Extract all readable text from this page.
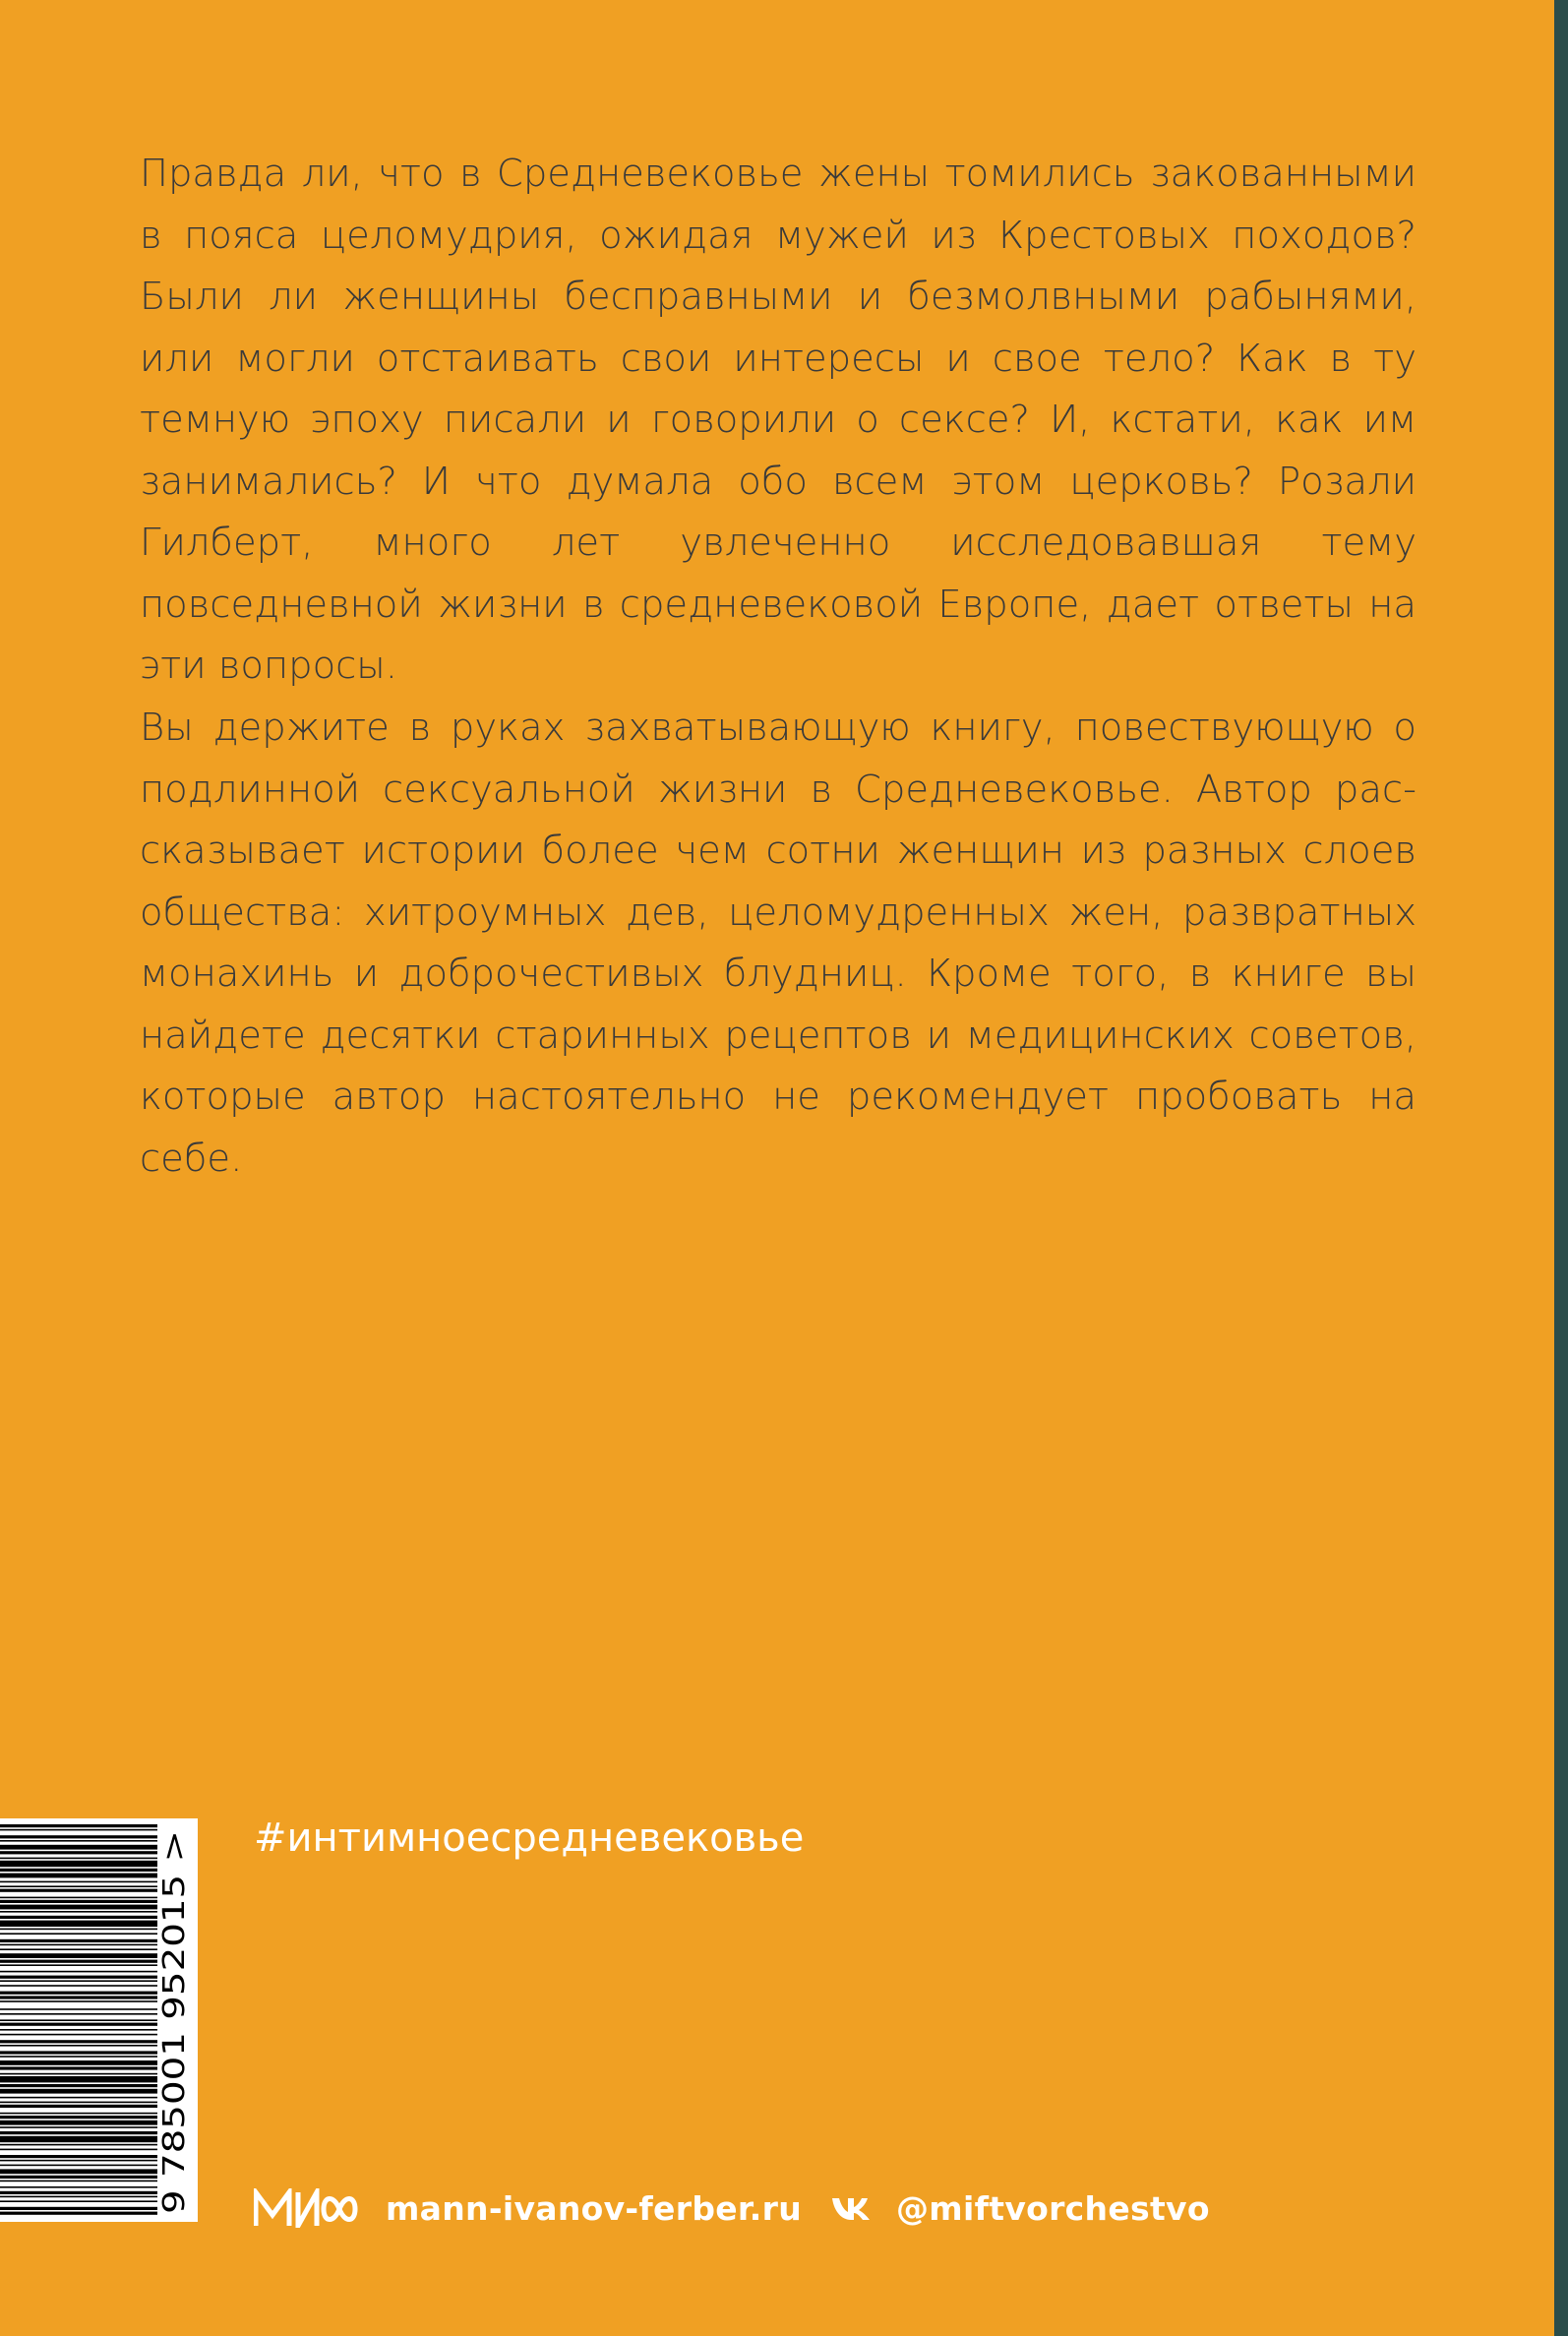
Правда ли, что в Средневековье жены томились закованными в пояса целомудрия, ожидая мужей из Крестовых походов? Были ли женщины бесправными и безмолвными рабынями, или могли отстаивать свои интересы и свое тело? Как в ту темную эпоху писали и говорили о сексе? И, кстати, как им занимались? И что думала обо всем этом церковь? Розали Гилберт, много лет увлеченно исследовавшая тему повседневной жизни в средневековой Европе, дает ответы на эти вопросы.

Вы держите в руках захватывающую книгу, повествующую о подлинной сексуальной жизни в Средневековье. Автор рассказывает истории более чем сотни женщин из разных слоев общества: хитроумных дев, целомудренных жен, развратных монахинь и доброчестивых блудниц. Кроме того, в книге вы найдете десятки старинных рецептов и медицинских советов, которые автор настоятельно не рекомендует пробовать на себе.

#интимноесредневековье

9 785001 952015 >	mann-ivanov-ferber.ru	@miftvorchestvo
